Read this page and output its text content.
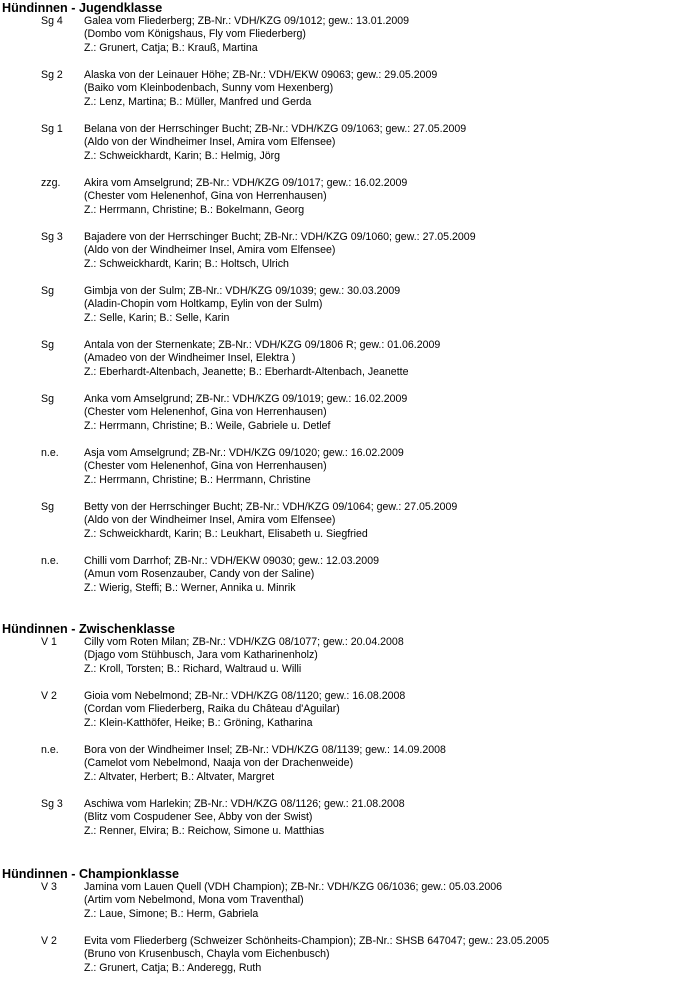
Hündinnen - Jugendklasse
Sg 4 Galea vom Fliederberg; ZB-Nr.: VDH/KZG 09/1012; gew.: 13.01.2009
(Dombo vom Königshaus, Fly vom Fliederberg)
Z.: Grunert, Catja; B.: Krauß, Martina
Sg 2 Alaska von der Leinauer Höhe; ZB-Nr.: VDH/EKW 09063; gew.: 29.05.2009
(Baiko vom Kleinbodenbach, Sunny vom Hexenberg)
Z.: Lenz, Martina; B.: Müller, Manfred und Gerda
Sg 1 Belana von der Herrschinger Bucht; ZB-Nr.: VDH/KZG 09/1063; gew.: 27.05.2009
(Aldo von der Windheimer Insel, Amira vom Elfensee)
Z.: Schweickhardt, Karin; B.: Helmig, Jörg
zzg. Akira vom Amselgrund; ZB-Nr.: VDH/KZG 09/1017; gew.: 16.02.2009
(Chester vom Helenenhof, Gina von Herrenhausen)
Z.: Herrmann, Christine; B.: Bokelmann, Georg
Sg 3 Bajadere von der Herrschinger Bucht; ZB-Nr.: VDH/KZG 09/1060; gew.: 27.05.2009
(Aldo von der Windheimer Insel, Amira vom Elfensee)
Z.: Schweickhardt, Karin; B.: Holtsch, Ulrich
Sg	Gimbja von der Sulm; ZB-Nr.: VDH/KZG 09/1039; gew.: 30.03.2009
(Aladin-Chopin vom Holtkamp, Eylin von der Sulm)
Z.: Selle, Karin; B.: Selle, Karin
Sg	Antala von der Sternenkate; ZB-Nr.: VDH/KZG 09/1806 R; gew.: 01.06.2009
(Amadeo von der Windheimer Insel, Elektra )
Z.: Eberhardt-Altenbach, Jeanette; B.: Eberhardt-Altenbach, Jeanette
Sg	Anka vom Amselgrund; ZB-Nr.: VDH/KZG 09/1019; gew.: 16.02.2009
(Chester vom Helenenhof, Gina von Herrenhausen)
Z.: Herrmann, Christine; B.: Weile, Gabriele u. Detlef
n.e. Asja vom Amselgrund; ZB-Nr.: VDH/KZG 09/1020; gew.: 16.02.2009
(Chester vom Helenenhof, Gina von Herrenhausen)
Z.: Herrmann, Christine; B.: Herrmann, Christine
Sg	Betty von der Herrschinger Bucht; ZB-Nr.: VDH/KZG 09/1064; gew.: 27.05.2009
(Aldo von der Windheimer Insel, Amira vom Elfensee)
Z.: Schweickhardt, Karin; B.: Leukhart, Elisabeth u. Siegfried
n.e. Chilli vom Darrhof; ZB-Nr.: VDH/EKW 09030; gew.: 12.03.2009
(Amun vom Rosenzauber, Candy von der Saline)
Z.: Wierig, Steffi; B.: Werner, Annika u. Minrik
Hündinnen - Zwischenklasse
V 1	Cilly vom Roten Milan; ZB-Nr.: VDH/KZG 08/1077; gew.: 20.04.2008
(Djago vom Stühbusch, Jara vom Katharinenholz)
Z.: Kroll, Torsten; B.: Richard, Waltraud u. Willi
V 2	Gioia vom Nebelmond; ZB-Nr.: VDH/KZG 08/1120; gew.: 16.08.2008
(Cordan vom Fliederberg, Raika du Château d'Aguilar)
Z.: Klein-Katthöfer, Heike; B.: Gröning, Katharina
n.e. Bora von der Windheimer Insel; ZB-Nr.: VDH/KZG 08/1139; gew.: 14.09.2008
(Camelot vom Nebelmond, Naaja von der Drachenweide)
Z.: Altvater, Herbert; B.: Altvater, Margret
Sg 3 Aschiwa vom Harlekin; ZB-Nr.: VDH/KZG 08/1126; gew.: 21.08.2008
(Blitz vom Cospudener See, Abby von der Swist)
Z.: Renner, Elvira; B.: Reichow, Simone u. Matthias
Hündinnen - Championklasse
V 3	Jamina vom Lauen Quell (VDH Champion); ZB-Nr.: VDH/KZG 06/1036; gew.: 05.03.2006
(Artim vom Nebelmond, Mona vom Traventhal)
Z.: Laue, Simone; B.: Herm, Gabriela
V 2	Evita vom Fliederberg (Schweizer Schönheits-Champion); ZB-Nr.: SHSB 647047; gew.: 23.05.2005
(Bruno von Krusenbusch, Chayla vom Eichenbusch)
Z.: Grunert, Catja; B.: Anderegg, Ruth
